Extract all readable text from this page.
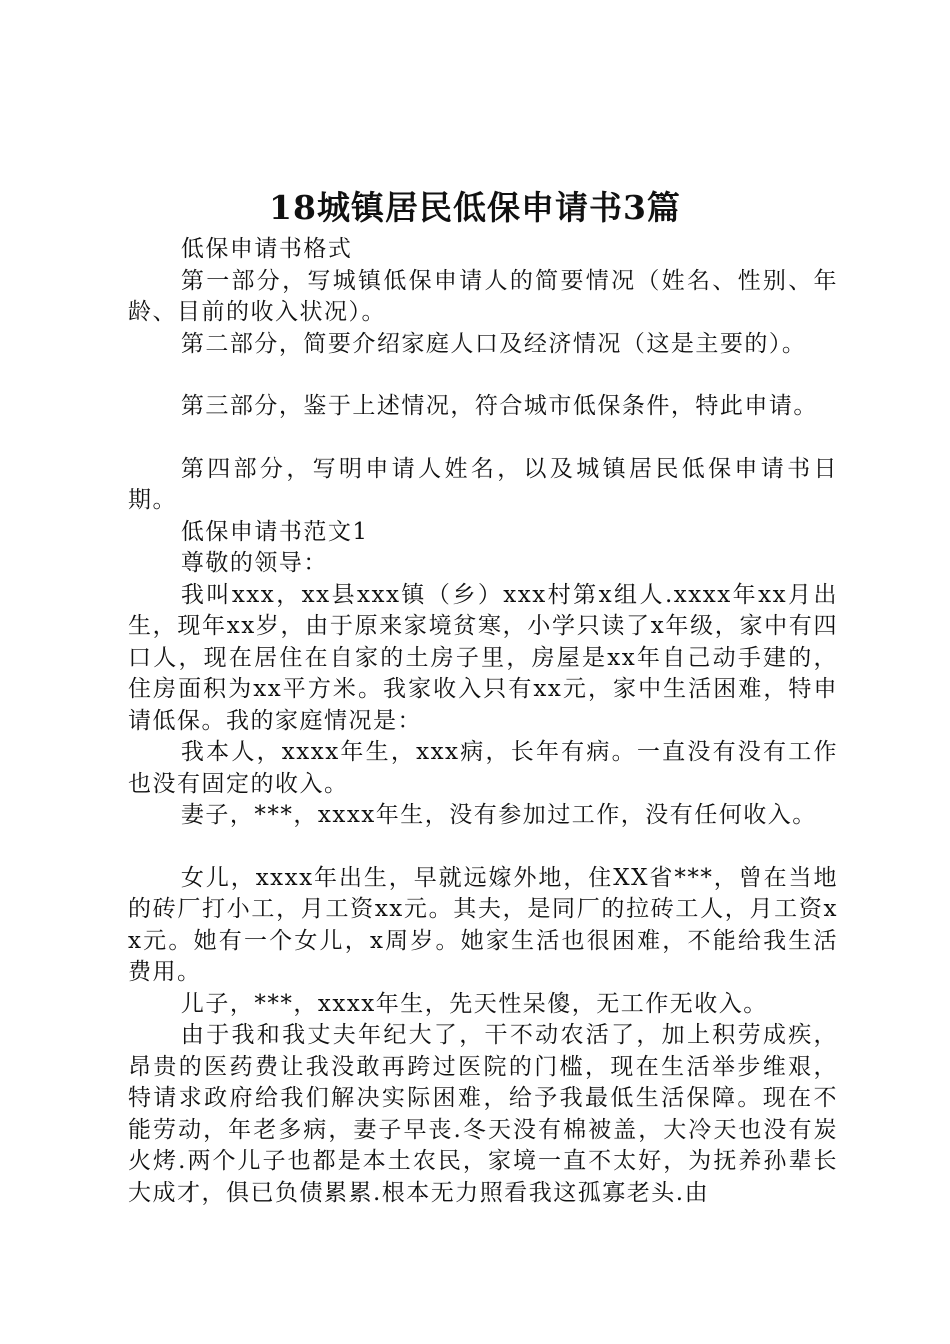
18城镇居民低保申请书3篇

低保申请书格式

第一部分，写城镇低保申请人的简要情况（姓名、性别、年龄、目前的收入状况）。

第二部分，简要介绍家庭人口及经济情况（这是主要的）。

第三部分，鉴于上述情况，符合城市低保条件，特此申请。

第四部分，写明申请人姓名，以及城镇居民低保申请书日期。

低保申请书范文1

尊敬的领导：

我叫xxx，xx县xxx镇（乡）xxx村第x组人.xxxx年xx月出生，现年xx岁，由于原来家境贫寒，小学只读了x年级，家中有四口人，现在居住在自家的土房子里，房屋是xx年自己动手建的，住房面积为xx平方米。我家收入只有xx元，家中生活困难，特申请低保。我的家庭情况是：

我本人，xxxx年生，xxx病，长年有病。一直没有没有工作也没有固定的收入。

妻子，***，xxxx年生，没有参加过工作，没有任何收入。

女儿，xxxx年出生，早就远嫁外地，住XX省***，曾在当地的砖厂打小工，月工资xx元。其夫，是同厂的拉砖工人，月工资xx元。她有一个女儿，x周岁。她家生活也很困难，不能给我生活费用。

儿子，***，xxxx年生，先天性呆傻，无工作无收入。

由于我和我丈夫年纪大了，干不动农活了，加上积劳成疾，昂贵的医药费让我没敢再跨过医院的门槛，现在生活举步维艰，特请求政府给我们解决实际困难，给予我最低生活保障。现在不能劳动，年老多病，妻子早丧.冬天没有棉被盖，大冷天也没有炭火烤.两个儿子也都是本土农民，家境一直不太好，为抚养孙辈长大成才，俱已负债累累.根本无力照看我这孤寡老头.由
